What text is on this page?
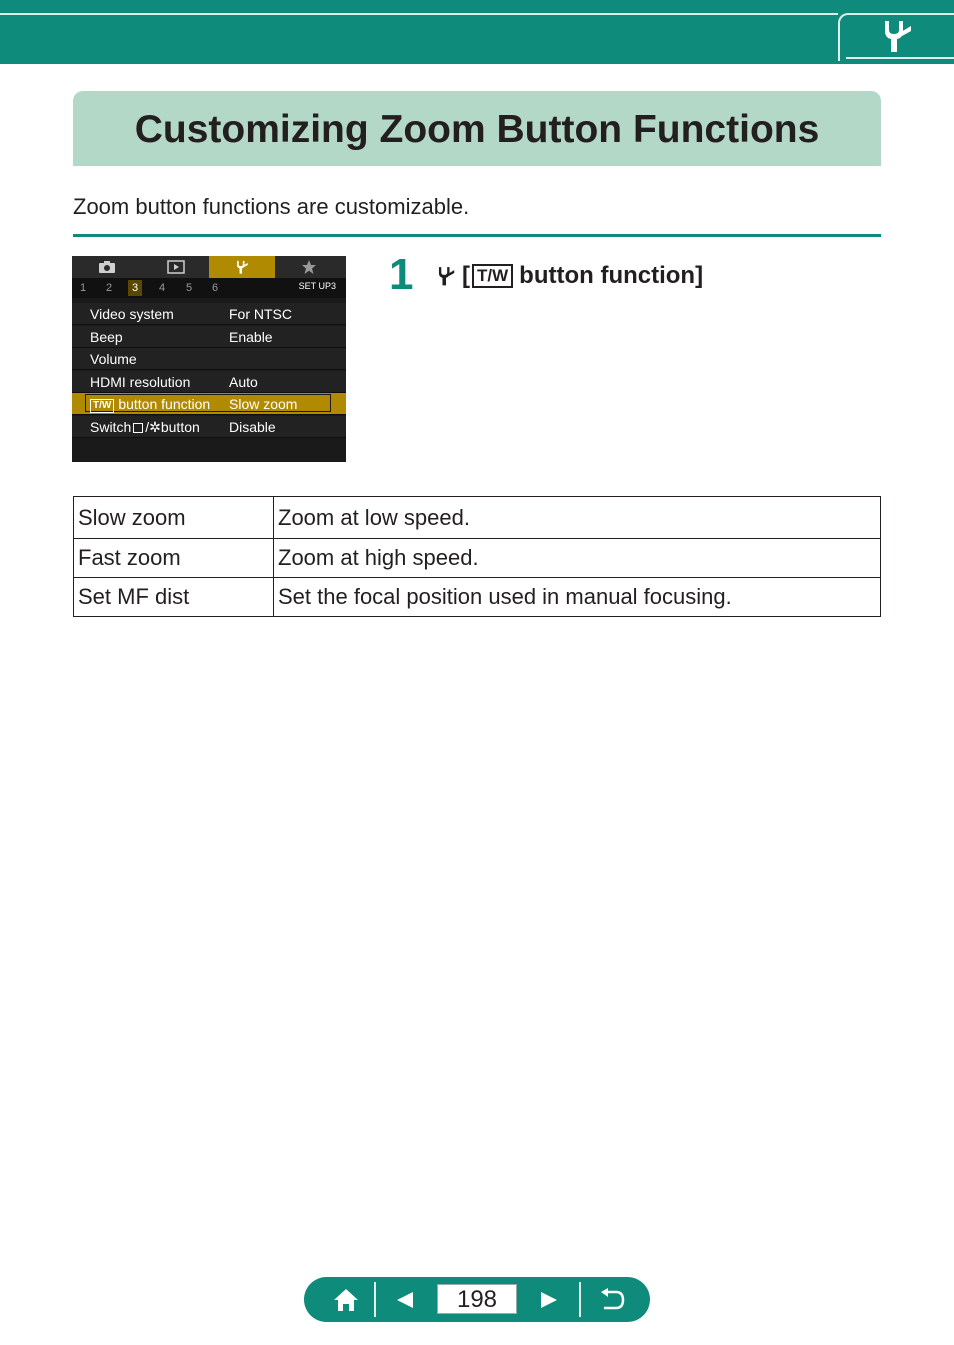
Customizing Zoom Button Functions
Zoom button functions are customizable.
1	2	3	4	5	6	SET UP3
Video system	For NTSC
Beep	Enable
Volume
HDMI resolution	Auto
T/W button function Slow zoom
Switch /✲button Disable
1 [ T/W button function]
Slow zoom	Zoom at low speed.
Fast zoom	Zoom at high speed.
Set MF dist	Set the focal position used in manual focusing.
198
